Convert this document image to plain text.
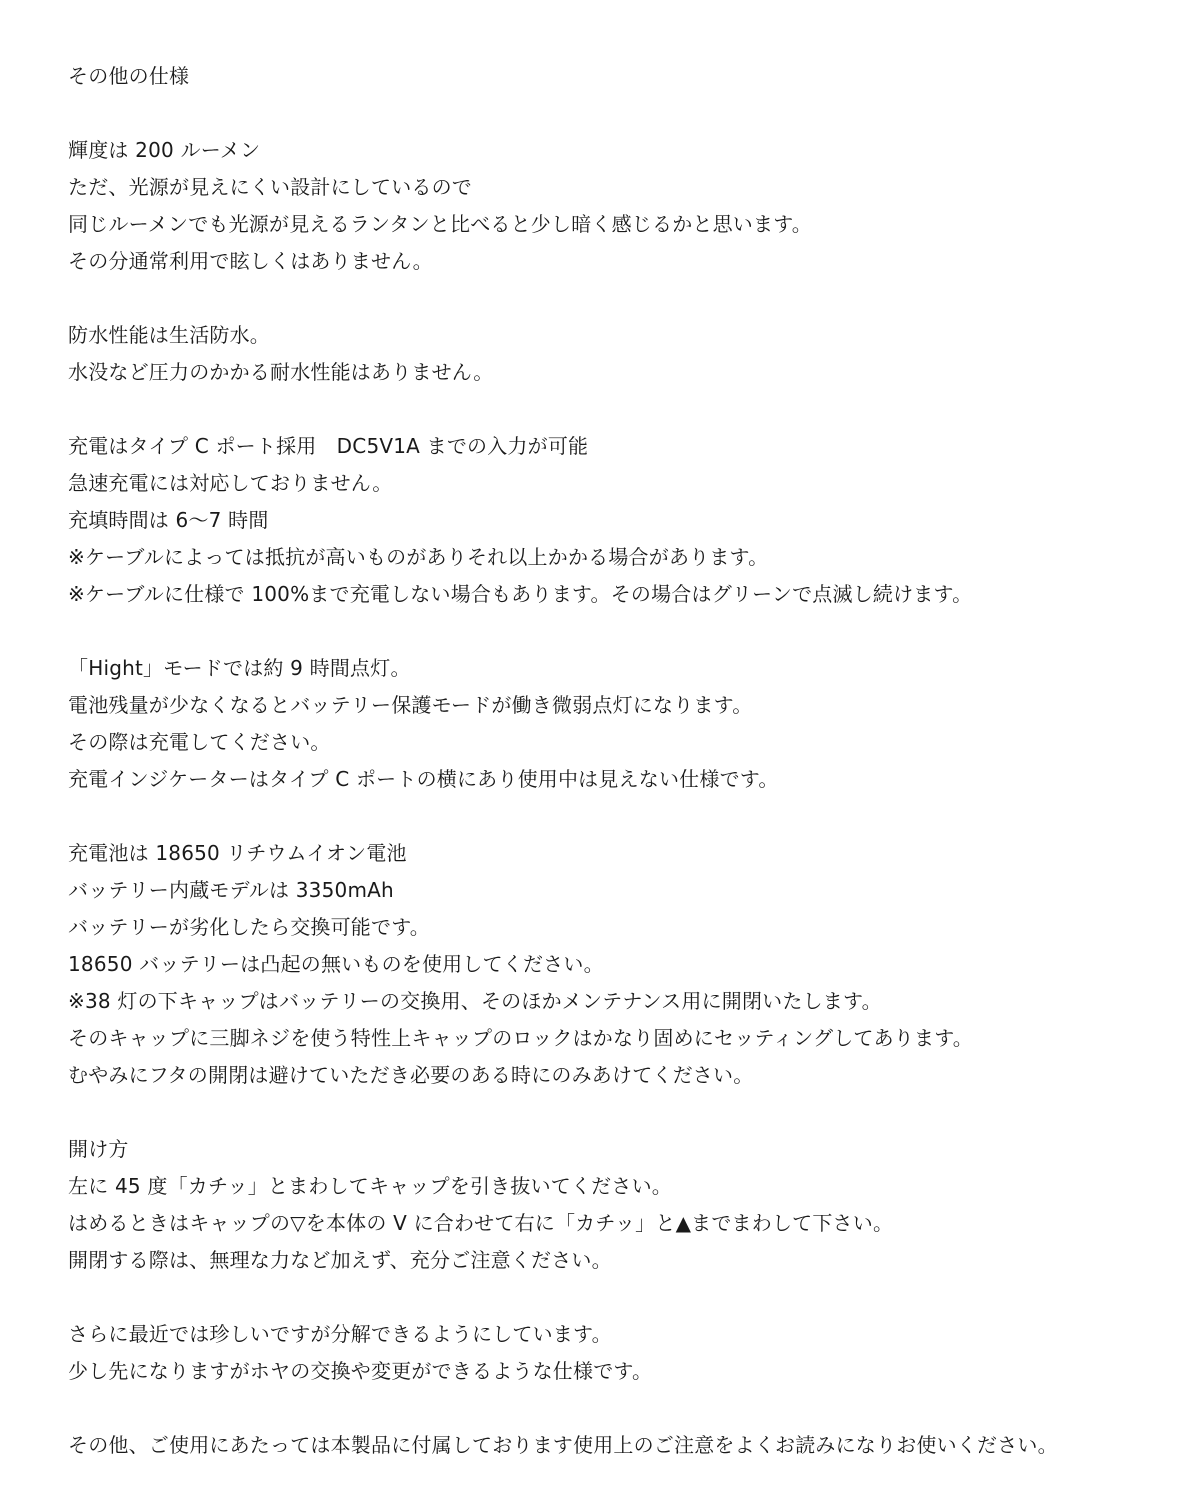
その他の仕様
輝度は 200 ルーメン
ただ、光源が見えにくい設計にしているので
同じルーメンでも光源が見えるランタンと比べると少し暗く感じるかと思います。
その分通常利用で眩しくはありません。
防水性能は生活防水。
水没など圧力のかかる耐水性能はありません。
充電はタイプ C ポート採用　DC5V1A までの入力が可能
急速充電には対応しておりません。
充填時間は 6〜7 時間
※ケーブルによっては抵抗が高いものがありそれ以上かかる場合があります。
※ケーブルに仕様で 100%まで充電しない場合もあります。その場合はグリーンで点滅し続けます。
「Hight」モードでは約 9 時間点灯。
電池残量が少なくなるとバッテリー保護モードが働き微弱点灯になります。
その際は充電してください。
充電インジケーターはタイプ C ポートの横にあり使用中は見えない仕様です。
充電池は 18650 リチウムイオン電池
バッテリー内蔵モデルは 3350mAh
バッテリーが劣化したら交換可能です。
18650 バッテリーは凸起の無いものを使用してください。
※38 灯の下キャップはバッテリーの交換用、そのほかメンテナンス用に開閉いたします。
そのキャップに三脚ネジを使う特性上キャップのロックはかなり固めにセッティングしてあります。
むやみにフタの開閉は避けていただき必要のある時にのみあけてください。
開け方
左に 45 度「カチッ」とまわしてキャップを引き抜いてください。
はめるときはキャップの▽を本体の V に合わせて右に「カチッ」と▲までまわして下さい。
開閉する際は、無理な力など加えず、充分ご注意ください。
さらに最近では珍しいですが分解できるようにしています。
少し先になりますがホヤの交換や変更ができるような仕様です。
その他、ご使用にあたっては本製品に付属しております使用上のご注意をよくお読みになりお使いください。
